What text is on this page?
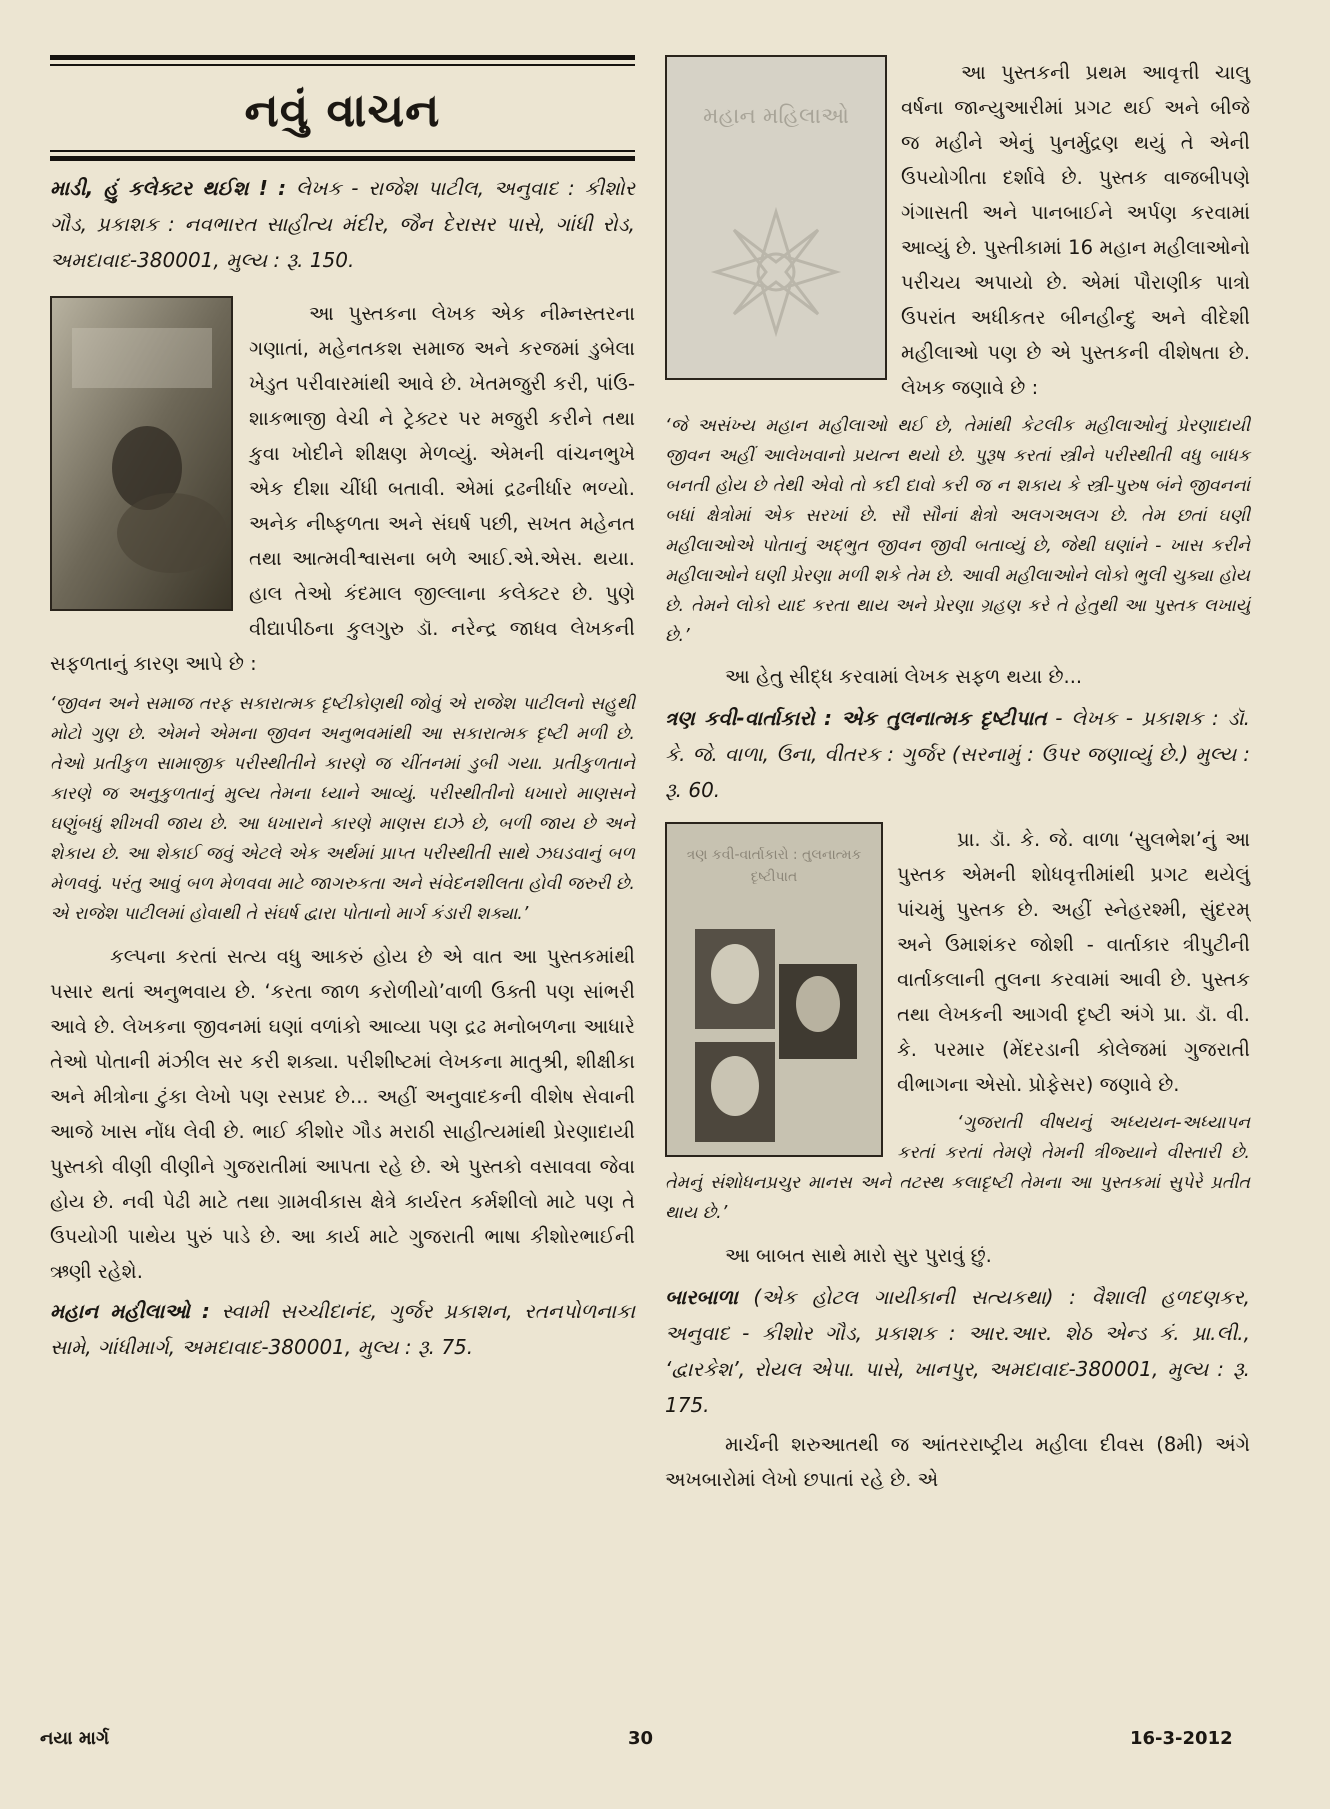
નવું વાચન

માડી, હું કલેક્ટર થઈશ ! : લેખક - રાજેશ પાટીલ, અનુવાદ : કીશોર ગૌડ, પ્રકાશક : નવભારત સાહીત્ય મંદીર, જૈન દેરાસર પાસે, ગાંધી રોડ, અમદાવાદ-380001, મુલ્ય : રૂ. 150.

આ પુસ્તકના લેખક એક નીમ્નસ્તરના ગણાતાં, મહેનતકશ સમાજ અને કરજમાં ડુબેલા ખેડુત પરીવારમાંથી આવે છે. ખેતમજુરી કરી, પાંઉ-શાકભાજી વેચી ને ટ્રેક્ટર પર મજુરી કરીને તથા કુવા ખોદીને શીક્ષણ મેળવ્યું. એમની વાંચનભુખે એક દીશા ચીંધી બતાવી. એમાં દ્રઢનીર્ધાર ભળ્યો. અનેક નીષ્ફળતા અને સંઘર્ષ પછી, સખત મહેનત તથા આત્મવીશ્વાસના બળે આઈ.એ.એસ. થયા. હાલ તેઓ કંદમાલ જીલ્લાના કલેક્ટર છે. પુણે વીદ્યાપીઠના કુલગુરુ ડૉ. નરેન્દ્ર જાધવ લેખકની સફળતાનું કારણ આપે છે :

‘જીવન અને સમાજ તરફ સકારાત્મક દૃષ્ટીકોણથી જોવું એ રાજેશ પાટીલનો સહુથી મોટો ગુણ છે. એમને એમના જીવન અનુભવમાંથી આ સકારાત્મક દૃષ્ટી મળી છે. તેઓ પ્રતીકુળ સામાજીક પરીસ્થીતીને કારણે જ ચીંતનમાં ડુબી ગયા. પ્રતીકુળતાને કારણે જ અનુકુળતાનું મુલ્ય તેમના ધ્યાને આવ્યું. પરીસ્થીતીનો ધખારો માણસને ઘણુંબધું શીખવી જાય છે. આ ધખારાને કારણે માણસ દાઝે છે, બળી જાય છે અને શેકાય છે. આ શેકાઈ જવું એટલે એક અર્થમાં પ્રાપ્ત પરીસ્થીતી સાથે ઝઘડવાનું બળ મેળવવું. પરંતુ આવું બળ મેળવવા માટે જાગરુકતા અને સંવેદનશીલતા હોવી જરુરી છે. એ રાજેશ પાટીલમાં હોવાથી તે સંઘર્ષ દ્વારા પોતાનો માર્ગ કંડારી શક્યા.’

કલ્પના કરતાં સત્ય વધુ આકરું હોય છે એ વાત આ પુસ્તકમાંથી પસાર થતાં અનુભવાય છે. ‘કરતા જાળ કરોળીયો’વાળી ઉક્તી પણ સાંભરી આવે છે. લેખકના જીવનમાં ઘણાં વળાંકો આવ્યા પણ દ્રઢ મનોબળના આધારે તેઓ પોતાની મંઝીલ સર કરી શક્યા. પરીશીષ્ટમાં લેખકના માતુશ્રી, શીક્ષીકા અને મીત્રોના ટુંકા લેખો પણ રસપ્રદ છે... અહીં અનુવાદકની વીશેષ સેવાની આજે ખાસ નોંધ લેવી છે. ભાઈ કીશોર ગૌડ મરાઠી સાહીત્યમાંથી પ્રેરણાદાયી પુસ્તકો વીણી વીણીને ગુજરાતીમાં આપતા રહે છે. એ પુસ્તકો વસાવવા જેવા હોય છે. નવી પેઢી માટે તથા ગ્રામવીકાસ ક્ષેત્રે કાર્યરત કર્મશીલો માટે પણ તે ઉપયોગી પાથેય પુરું પાડે છે. આ કાર્ય માટે ગુજરાતી ભાષા કીશોરભાઈની ઋણી રહેશે.

મહાન મહીલાઓ : સ્વામી સચ્ચીદાનંદ, ગુર્જર પ્રકાશન, રતનપોળનાકા સામે, ગાંધીમાર્ગ, અમદાવાદ-380001, મુલ્ય : રૂ. 75.

મહાન મહિલાઓ

આ પુસ્તકની પ્રથમ આવૃત્તી ચાલુ વર્ષના જાન્યુઆરીમાં પ્રગટ થઈ અને બીજે જ મહીને એનું પુનર્મુદ્રણ થયું તે એની ઉપયોગીતા દર્શાવે છે. પુસ્તક વાજબીપણે ગંગાસતી અને પાનબાઈને અર્પણ કરવામાં આવ્યું છે. પુસ્તીકામાં 16 મહાન મહીલાઓનો પરીચય અપાયો છે. એમાં પૌરાણીક પાત્રો ઉપરાંત અધીકતર બીનહીન્દુ અને વીદેશી મહીલાઓ પણ છે એ પુસ્તકની વીશેષતા છે. લેખક જણાવે છે :

‘જે અસંખ્ય મહાન મહીલાઓ થઈ છે, તેમાંથી કેટલીક મહીલાઓનું પ્રેરણાદાયી જીવન અહીં આલેખવાનો પ્રયત્ન થયો છે. પુરૂષ કરતાં સ્ત્રીને પરીસ્થીતી વધુ બાધક બનતી હોય છે તેથી એવો તો કદી દાવો કરી જ ન શકાય કે સ્ત્રી-પુરુષ બંને જીવનનાં બધાં ક્ષેત્રોમાં એક સરખાં છે. સૌ સૌનાં ક્ષેત્રો અલગઅલગ છે. તેમ છતાં ઘણી મહીલાઓએ પોતાનું અદ્ભુત જીવન જીવી બતાવ્યું છે, જેથી ઘણાંને - ખાસ કરીને મહીલાઓને ઘણી પ્રેરણા મળી શકે તેમ છે. આવી મહીલાઓને લોકો ભુલી ચુક્યા હોય છે. તેમને લોકો યાદ કરતા થાય અને પ્રેરણા ગ્રહણ કરે તે હેતુથી આ પુસ્તક લખાયું છે.’

આ હેતુ સીદ્ધ કરવામાં લેખક સફળ થયા છે...

ત્રણ કવી-વાર્તાકારો : એક તુલનાત્મક દૃષ્ટીપાત - લેખક - પ્રકાશક : ડૉ. કે. જે. વાળા, ઉના, વીતરક : ગુર્જર (સરનામું : ઉપર જણાવ્યું છે.) મુલ્ય : રૂ. 60.

ત્રણ કવી-વાર્તાકારો : તુલનાત્મક દૃષ્ટીપાત

પ્રા. ડૉ. કે. જે. વાળા ‘સુલભેશ’નું આ પુસ્તક એમની શોધવૃત્તીમાંથી પ્રગટ થયેલું પાંચમું પુસ્તક છે. અહીં સ્નેહરશ્મી, સુંદરમ્ અને ઉમાશંકર જોશી - વાર્તાકાર ત્રીપુટીની વાર્તાકલાની તુલના કરવામાં આવી છે. પુસ્તક તથા લેખકની આગવી દૃષ્ટી અંગે પ્રા. ડૉ. વી. કે. પરમાર (મેંદરડાની કોલેજમાં ગુજરાતી વીભાગના એસો. પ્રોફેસર) જણાવે છે.

‘ગુજરાતી વીષયનું અધ્યયન-અધ્યાપન કરતાં કરતાં તેમણે તેમની ત્રીજ્યાને વીસ્તારી છે. તેમનું સંશોધનપ્રચુર માનસ અને તટસ્થ કલાદૃષ્ટી તેમના આ પુસ્તકમાં સુપેરે પ્રતીત થાય છે.’

આ બાબત સાથે મારો સુર પુરાવું છું.

બારબાળા (એક હોટલ ગાયીકાની સત્યકથા) : વૈશાલી હળદણકર, અનુવાદ - કીશોર ગૌડ, પ્રકાશક : આર.આર. શેઠ એન્ડ કં. પ્રા.લી., ‘દ્વારકેશ’, રોયલ એપા. પાસે, ખાનપુર, અમદાવાદ-380001, મુલ્ય : રૂ. 175.

માર્ચની શરુઆતથી જ આંતરરાષ્ટ્રીય મહીલા દીવસ (8મી) અંગે અખબારોમાં લેખો છપાતાં રહે છે. એ

નયા માર્ગ	30	16-3-2012
